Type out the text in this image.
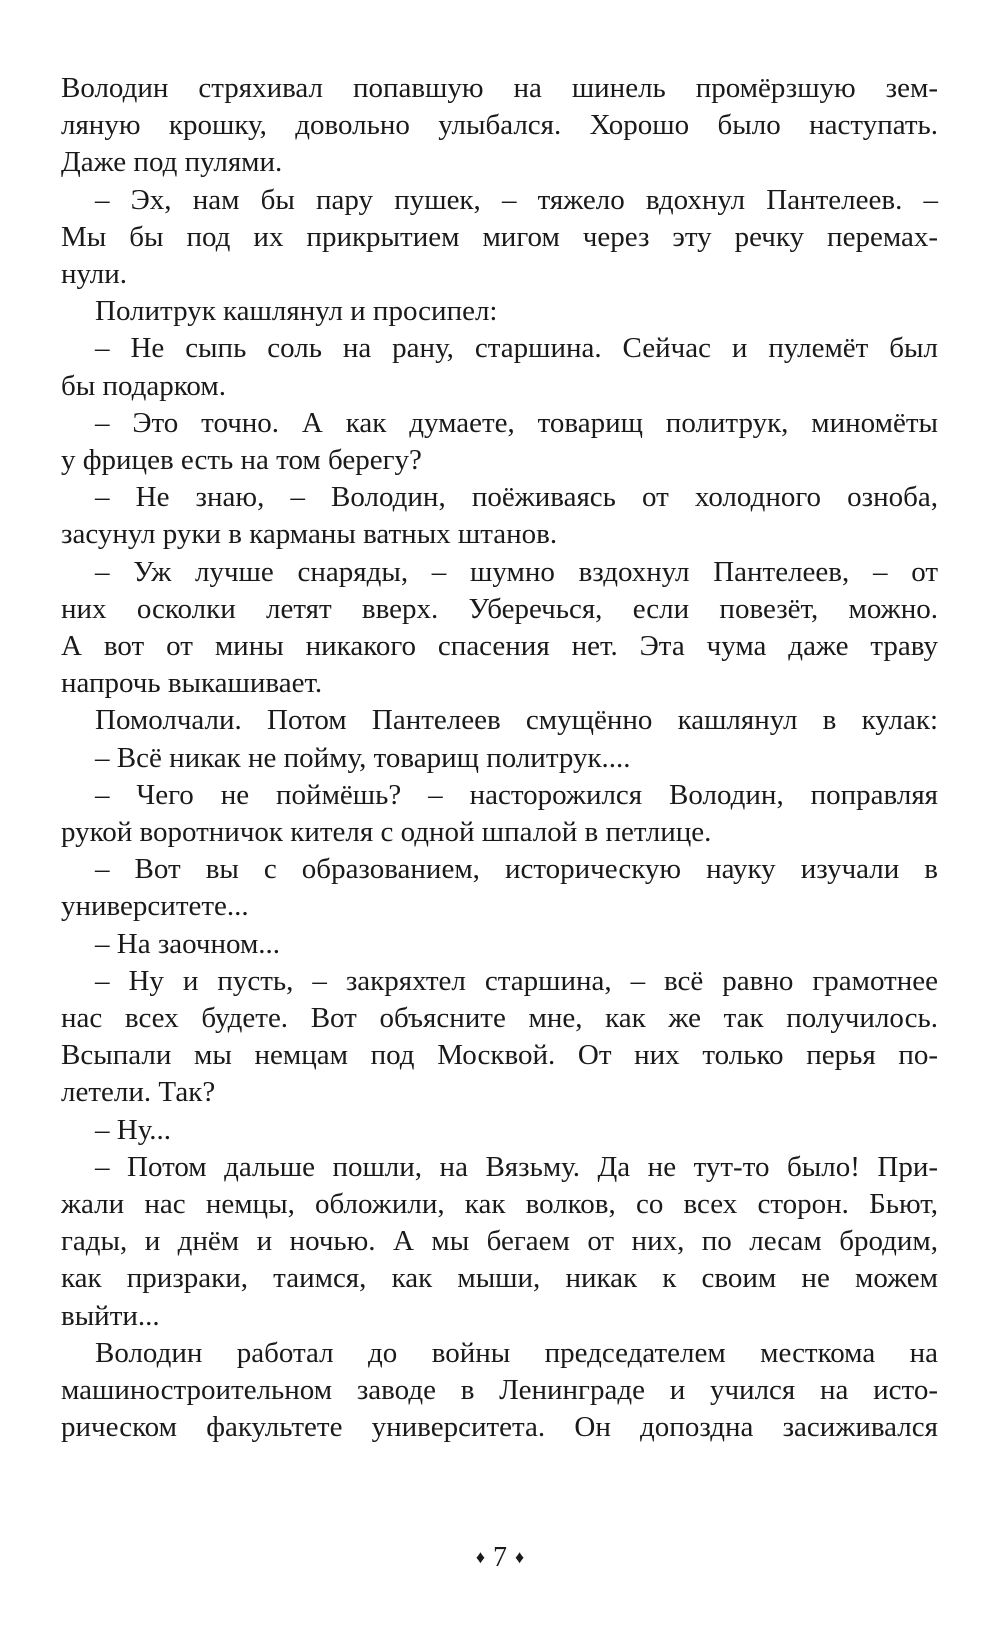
Володин стряхивал попавшую на шинель промёрзшую зем-
ляную крошку, довольно улыбался. Хорошо было наступать.
Даже под пулями.
– Эх, нам бы пару пушек, – тяжело вдохнул Пантелеев. –
Мы бы под их прикрытием мигом через эту речку перемах-
нули.
Политрук кашлянул и просипел:
– Не сыпь соль на рану, старшина. Сейчас и пулемёт был
бы подарком.
– Это точно. А как думаете, товарищ политрук, миномёты
у фрицев есть на том берегу?
– Не знаю, – Володин, поёживаясь от холодного озноба,
засунул руки в карманы ватных штанов.
– Уж лучше снаряды, – шумно вздохнул Пантелеев, – от
них осколки летят вверх. Уберечься, если повезёт, можно.
А вот от мины никакого спасения нет. Эта чума даже траву
напрочь выкашивает.
Помолчали. Потом Пантелеев смущённо кашлянул в кулак:
– Всё никак не пойму, товарищ политрук....
– Чего не поймёшь? – насторожился Володин, поправляя
рукой воротничок кителя с одной шпалой в петлице.
– Вот вы с образованием, историческую науку изучали в
университете...
– На заочном...
– Ну и пусть, – закряхтел старшина, – всё равно грамотнее
нас всех будете. Вот объясните мне, как же так получилось.
Всыпали мы немцам под Москвой. От них только перья по-
летели. Так?
– Ну...
– Потом дальше пошли, на Вязьму. Да не тут-то было! При-
жали нас немцы, обложили, как волков, со всех сторон. Бьют,
гады, и днём и ночью. А мы бегаем от них, по лесам бродим,
как призраки, таимся, как мыши, никак к своим не можем
выйти...
Володин работал до войны председателем месткома на
машиностроительном заводе в Ленинграде и учился на исто-
рическом факультете университета. Он допоздна засиживался
♦ 7 ♦
